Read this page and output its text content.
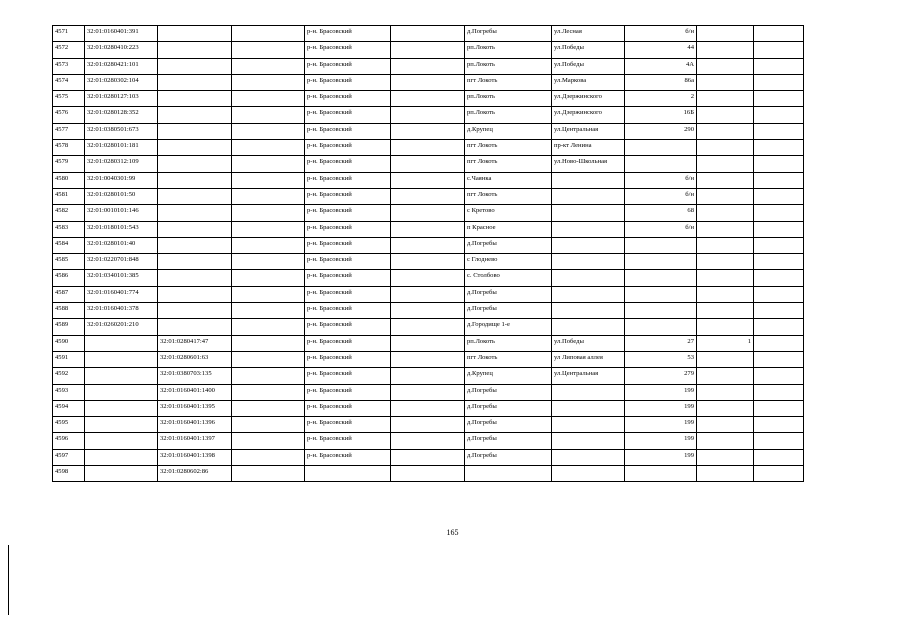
4571	32:01:0160401:391			р-н. Брасовский		д.Погребы	ул.Лесная	б/н		
4572	32:01:0280410:223			р-н. Брасовский		рп.Локоть	ул.Победы	44		
4573	32:01:0280421:101			р-н. Брасовский		рп.Локоть	ул.Победы	4А		
4574	32:01:0280302:104			р-н. Брасовский		пгт Локоть	ул.Маркова	86а		
4575	32:01:0280127:103			р-н. Брасовский		рп.Локоть	ул.Дзержинского	2		
4576	32:01:0280128:352			р-н. Брасовский		рп.Локоть	ул.Дзержинского	16Б		
4577	32:01:0380501:673			р-н. Брасовский		д.Крупец	ул.Центральная	290		
4578	32:01:0280101:181			р-н. Брасовский		пгт Локоть	пр-кт Ленина			
4579	32:01:0280312:109			р-н. Брасовский		пгт Локоть	ул.Ново-Школьная			
4580	32:01:0040301:99			р-н. Брасовский		с.Чаянка		б/н		
4581	32:01:0280101:50			р-н. Брасовский		пгт Локоть		б/н		
4582	32:01:0010101:146			р-н. Брасовский		с Кретово		68		
4583	32:01:0180101:543			р-н. Брасовский		п Красное		б/н		
4584	32:01:0280101:40			р-н. Брасовский		д.Погребы				
4585	32:01:0220701:848			р-н. Брасовский		с Глоднево				
4586	32:01:0340101:385			р-н. Брасовский		с. Столбово				
4587	32:01:0160401:774			р-н. Брасовский		д.Погребы				
4588	32:01:0160401:378			р-н. Брасовский		д.Погребы				
4589	32:01:0260201:210			р-н. Брасовский		д.Городище 1-е				
4590		32:01:0280417:47		р-н. Брасовский		рп.Локоть	ул.Победы	27	1	
4591		32:01:0280601:63		р-н. Брасовский		пгт Локоть	ул Липовая аллея	53		
4592		32:01:0380703:135		р-н. Брасовский		д.Крупец	ул.Центральная	279		
4593		32:01:0160401:1400		р-н. Брасовский		д.Погребы		199		
4594		32:01:0160401:1395		р-н. Брасовский		д.Погребы		199		
4595		32:01:0160401:1396		р-н. Брасовский		д.Погребы		199		
4596		32:01:0160401:1397		р-н. Брасовский		д.Погребы		199		
4597		32:01:0160401:1398		р-н. Брасовский		д.Погребы		199		
4598		32:01:0280602:86								
165
